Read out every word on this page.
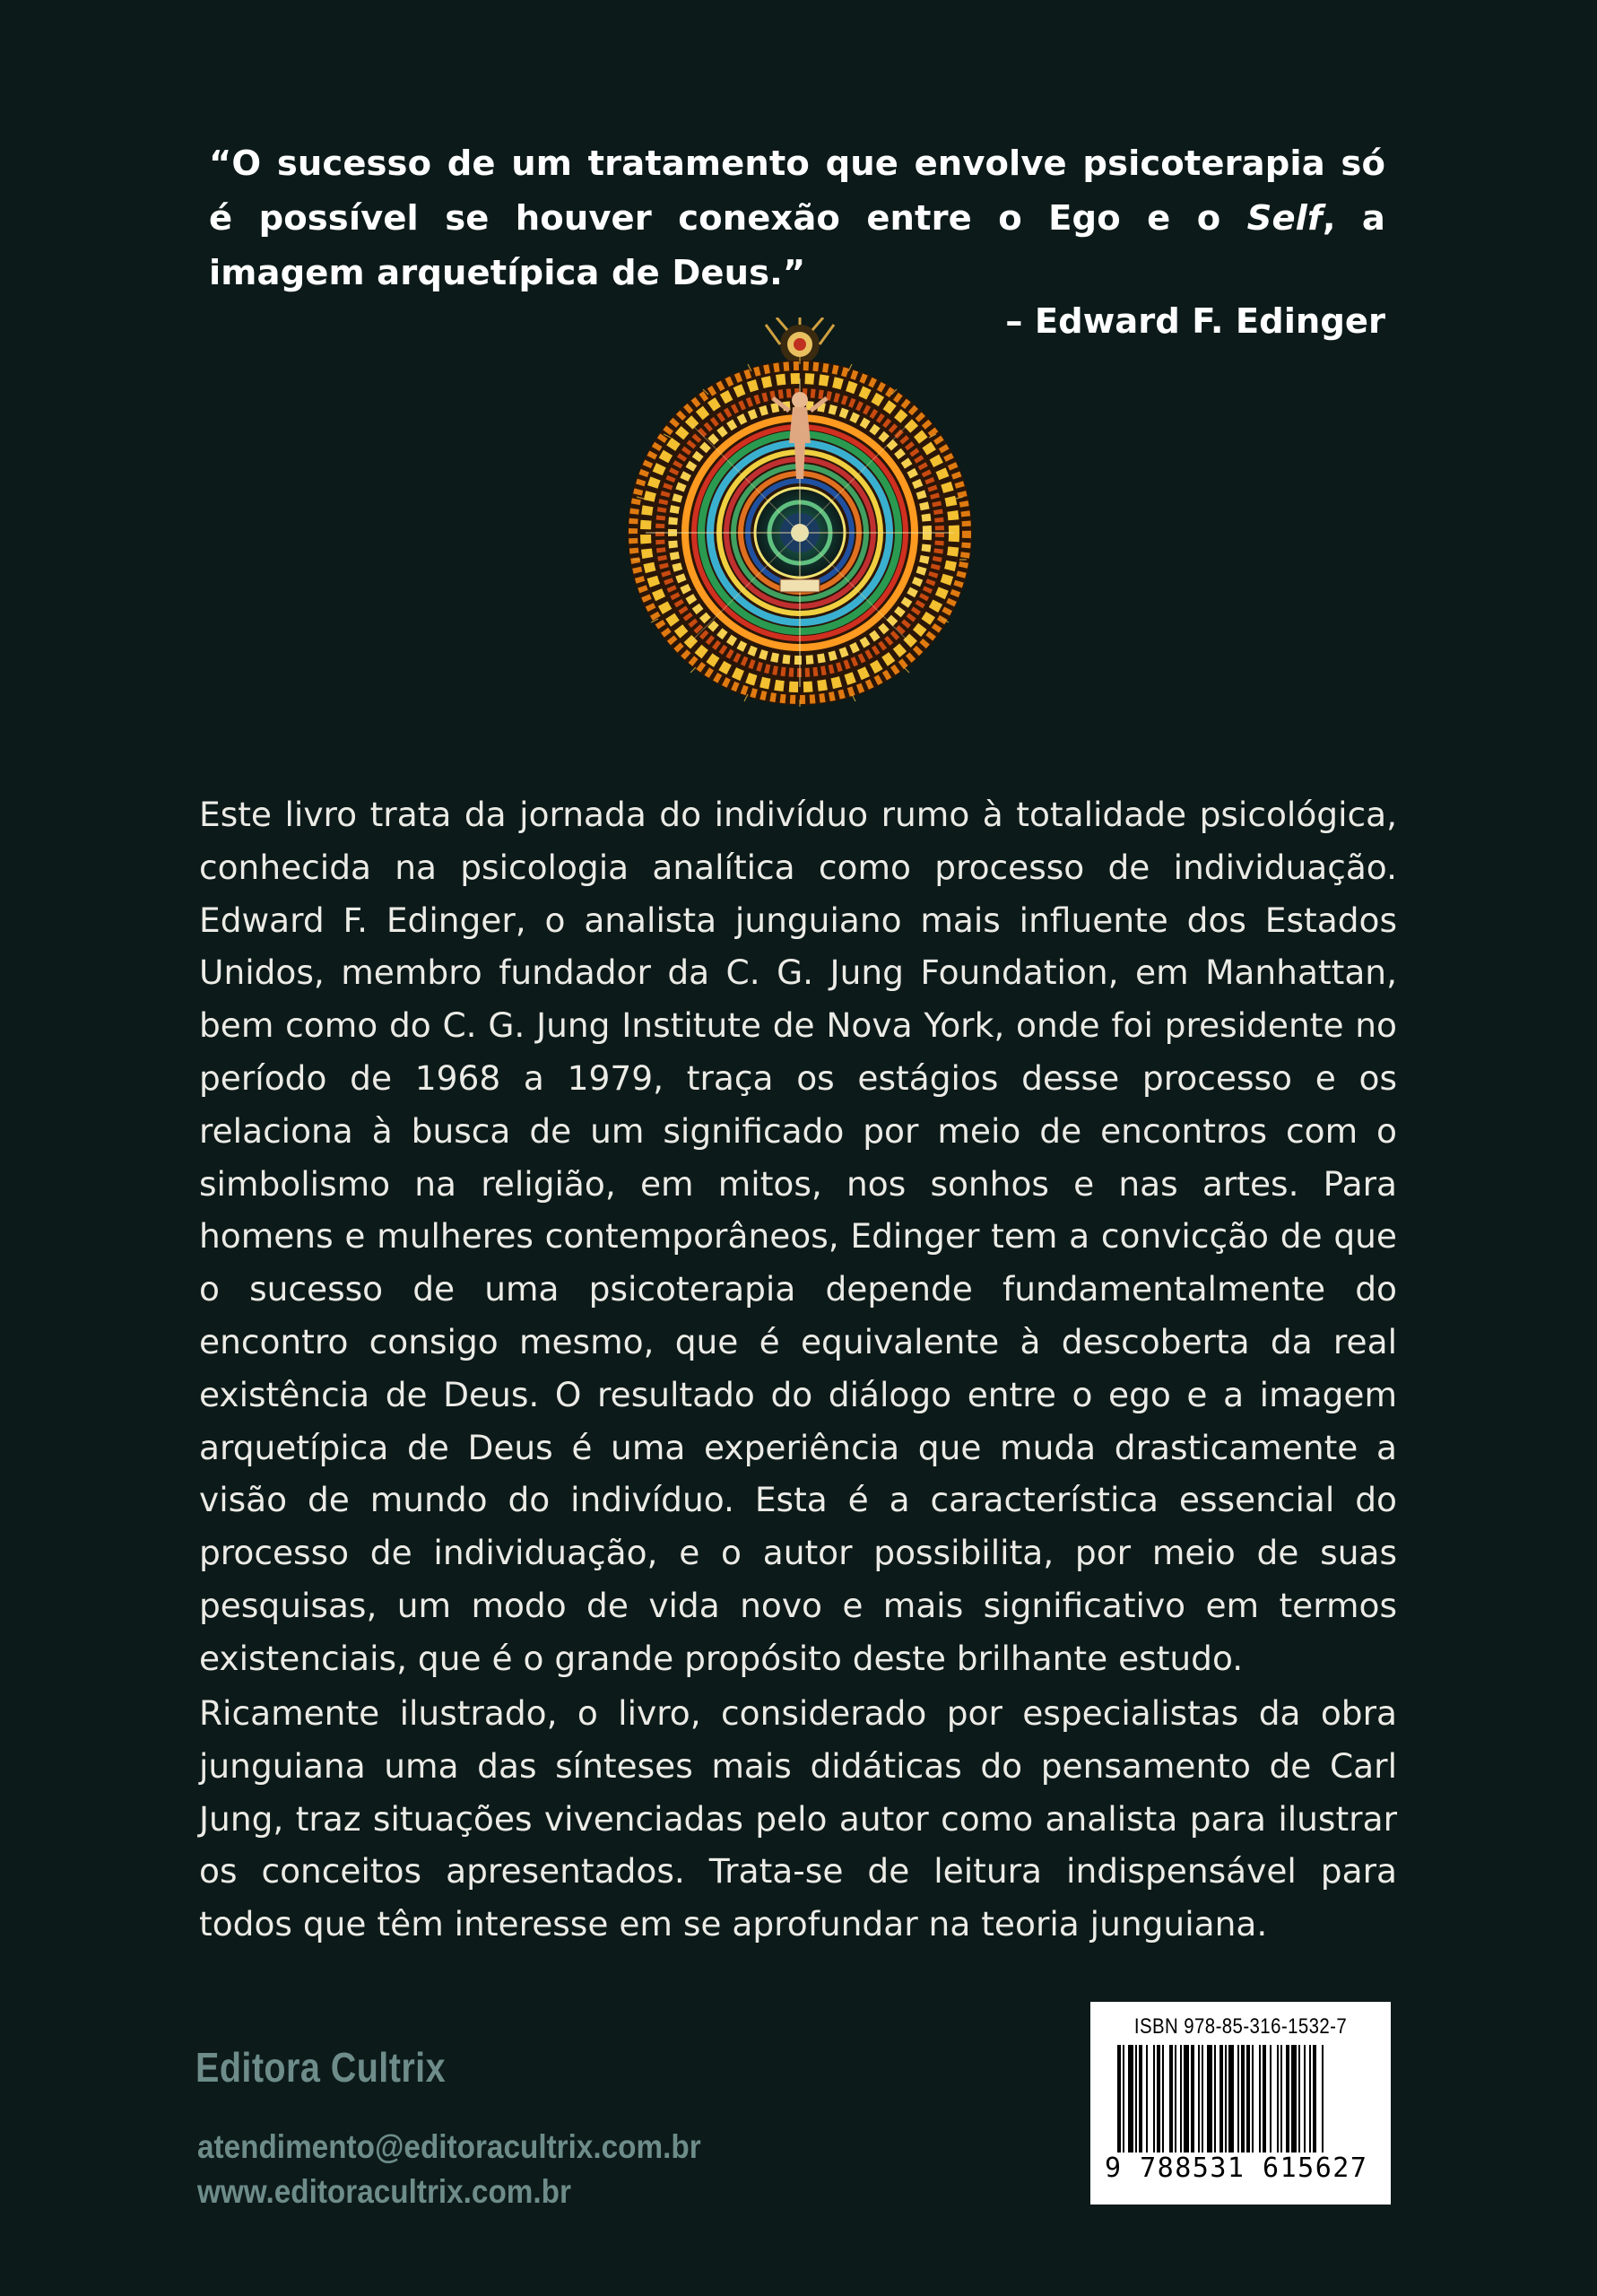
“O sucesso de um tratamento que envolve psicoterapia só é possível se houver conexão entre o Ego e o Self, a imagem arquetípica de Deus.”
– Edward F. Edinger

Este livro trata da jornada do indivíduo rumo à totalidade psicológica, conhecida na psicologia analítica como processo de individuação. Edward F. Edinger, o analista junguiano mais influente dos Estados Unidos, membro fundador da C. G. Jung Foundation, em Manhattan, bem como do C. G. Jung Institute de Nova York, onde foi presidente no período de 1968 a 1979, traça os estágios desse processo e os relaciona à busca de um significado por meio de encontros com o simbolismo na religião, em mitos, nos sonhos e nas artes. Para homens e mulheres contemporâneos, Edinger tem a convicção de que o sucesso de uma psicoterapia depende fundamentalmente do encontro consigo mesmo, que é equivalente à descoberta da real existência de Deus. O resultado do diálogo entre o ego e a imagem arquetípica de Deus é uma experiência que muda drasticamente a visão de mundo do indivíduo. Esta é a característica essencial do processo de individuação, e o autor possibilita, por meio de suas pesquisas, um modo de vida novo e mais significativo em termos existenciais, que é o grande propósito deste brilhante estudo.

Ricamente ilustrado, o livro, considerado por especialistas da obra junguiana uma das sínteses mais didáticas do pensamento de Carl Jung, traz situações vivenciadas pelo autor como analista para ilustrar os conceitos apresentados. Trata-se de leitura indispensável para todos que têm interesse em se aprofundar na teoria junguiana.

Editora Cultrix
atendimento@editoracultrix.com.br
www.editoracultrix.com.br
ISBN 978-85-316-1532-7
9 788531 615627
